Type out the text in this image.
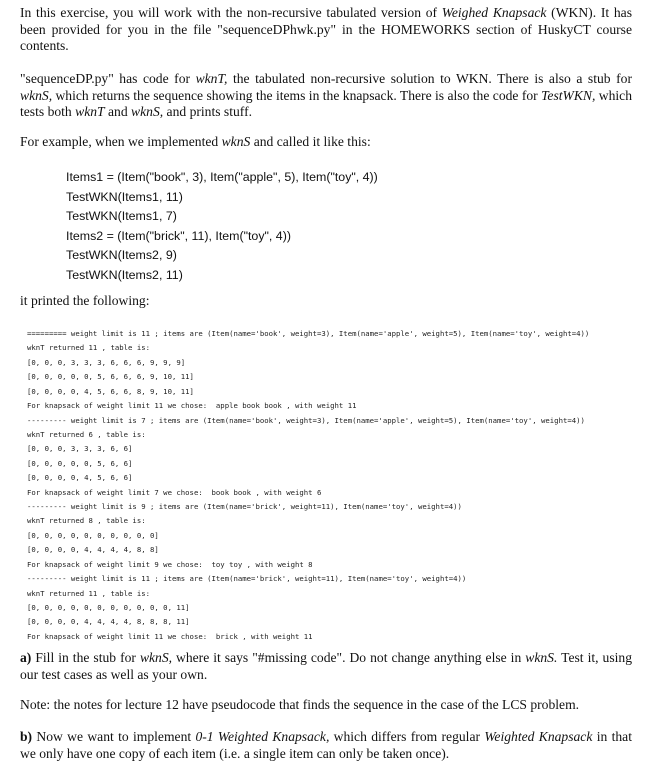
In this exercise, you will work with the non-recursive tabulated version of Weighed Knapsack (WKN). It has been provided for you in the file "sequenceDPhwk.py" in the HOMEWORKS section of HuskyCT course contents.

"sequenceDP.py" has code for wknT, the tabulated non-recursive solution to WKN. There is also a stub for wknS, which returns the sequence showing the items in the knapsack. There is also the code for TestWKN, which tests both wknT and wknS, and prints stuff.

For example, when we implemented wknS and called it like this:

Items1 = (Item("book", 3), Item("apple", 5), Item("toy", 4))
TestWKN(Items1, 11)
TestWKN(Items1, 7)
Items2 = (Item("brick", 11), Item("toy", 4))
TestWKN(Items2, 9)
TestWKN(Items2, 11)

it printed the following:

========= weight limit is 11 ; items are (Item(name='book', weight=3), Item(name='apple', weight=5), Item(name='toy', weight=4))
wknT returned 11 , table is:
[0, 0, 0, 3, 3, 3, 6, 6, 6, 9, 9, 9]
[0, 0, 0, 0, 0, 5, 6, 6, 6, 9, 10, 11]
[0, 0, 0, 0, 4, 5, 6, 6, 8, 9, 10, 11]
For knapsack of weight limit 11 we chose:  apple book book , with weight 11
--------- weight limit is 7 ; items are (Item(name='book', weight=3), Item(name='apple', weight=5), Item(name='toy', weight=4))
wknT returned 6 , table is:
[0, 0, 0, 3, 3, 3, 6, 6]
[0, 0, 0, 0, 0, 5, 6, 6]
[0, 0, 0, 0, 4, 5, 6, 6]
For knapsack of weight limit 7 we chose:  book book , with weight 6
--------- weight limit is 9 ; items are (Item(name='brick', weight=11), Item(name='toy', weight=4))
wknT returned 8 , table is:
[0, 0, 0, 0, 0, 0, 0, 0, 0, 0]
[0, 0, 0, 0, 4, 4, 4, 4, 8, 8]
For knapsack of weight limit 9 we chose:  toy toy , with weight 8
--------- weight limit is 11 ; items are (Item(name='brick', weight=11), Item(name='toy', weight=4))
wknT returned 11 , table is:
[0, 0, 0, 0, 0, 0, 0, 0, 0, 0, 0, 11]
[0, 0, 0, 0, 4, 4, 4, 4, 8, 8, 8, 11]
For knapsack of weight limit 11 we chose:  brick , with weight 11

a) Fill in the stub for wknS, where it says "#missing code". Do not change anything else in wknS. Test it, using our test cases as well as your own.

Note: the notes for lecture 12 have pseudocode that finds the sequence in the case of the LCS problem.

b) Now we want to implement 0-1 Weighted Knapsack, which differs from regular Weighted Knapsack in that we only have one copy of each item (i.e. a single item can only be taken once).
